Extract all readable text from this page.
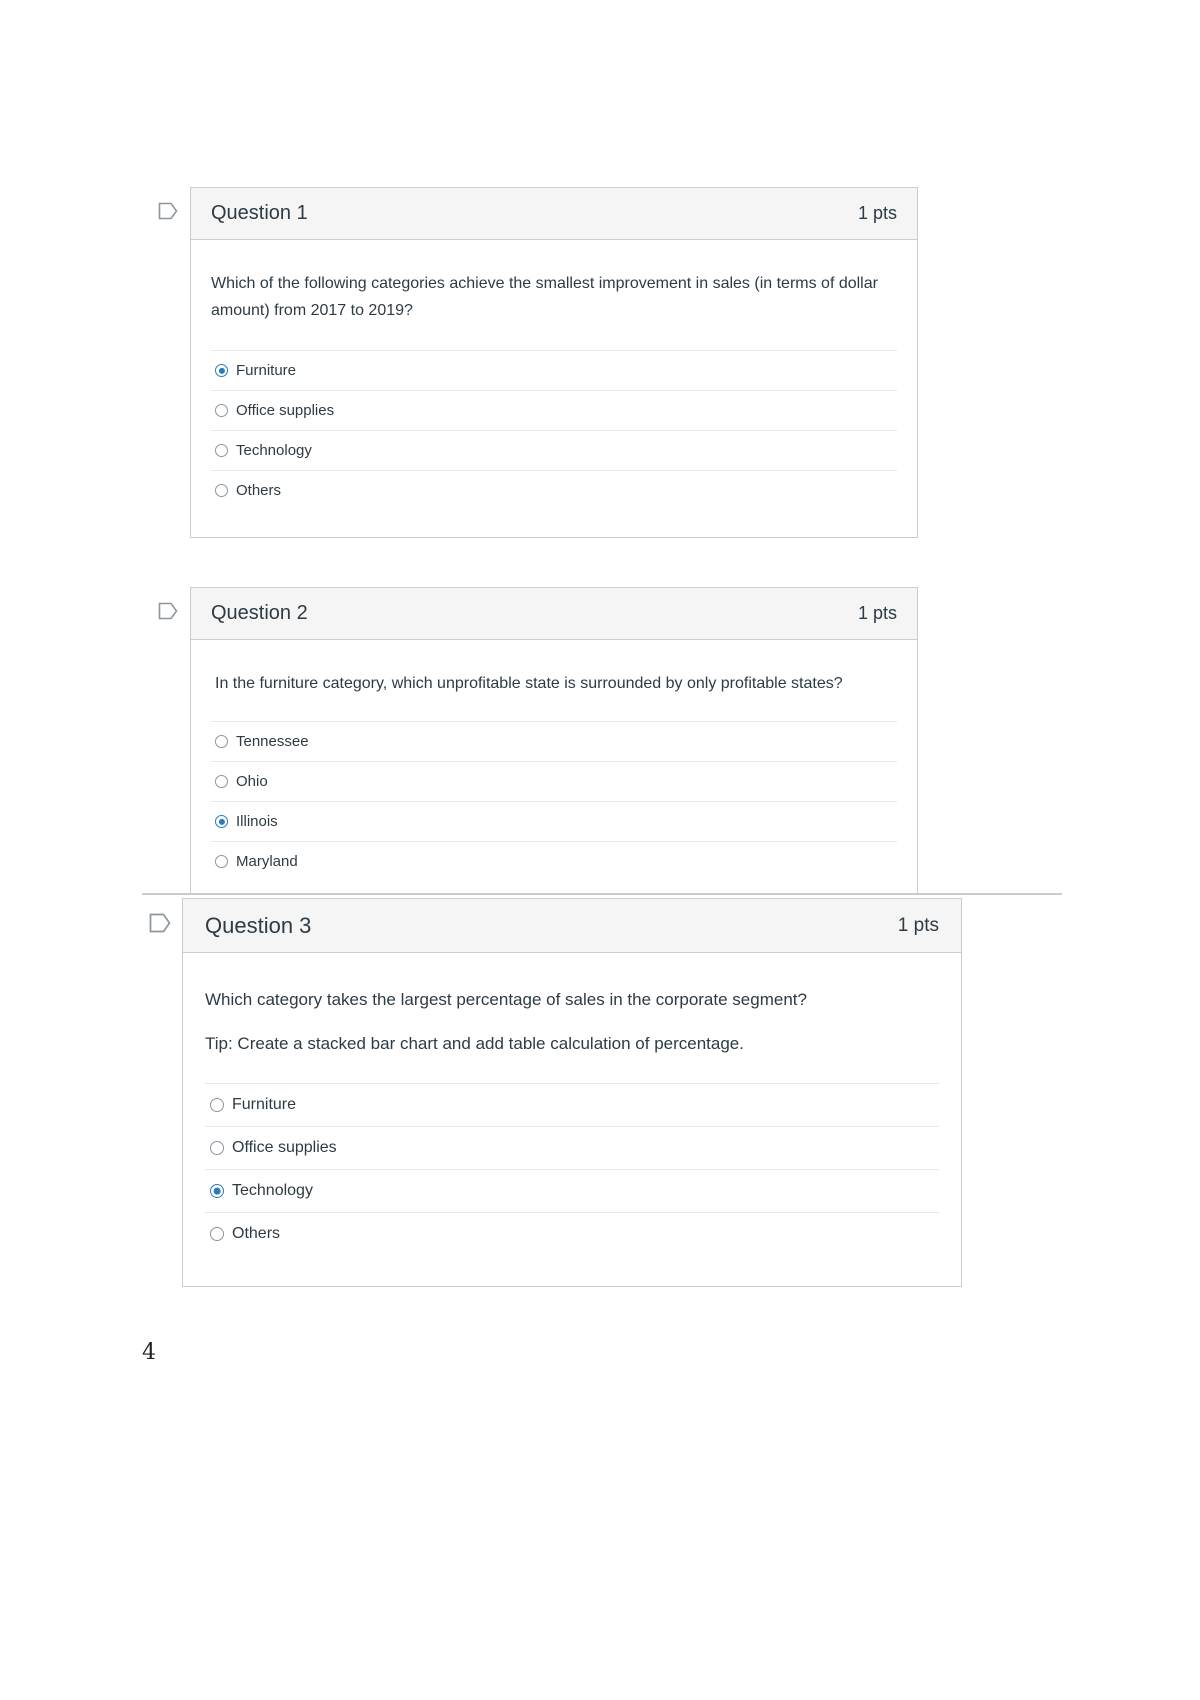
Question 1	1 pts

Which of the following categories achieve the smallest improvement in sales (in terms of dollar amount) from 2017 to 2019?

Furniture
Office supplies
Technology
Others
Question 2	1 pts

In the furniture category, which unprofitable state is surrounded by only profitable states?

Tennessee
Ohio
Illinois
Maryland
Question 3	1 pts

Which category takes the largest percentage of sales in the corporate segment?

Tip: Create a stacked bar chart and add table calculation of percentage.

Furniture
Office supplies
Technology
Others
4
